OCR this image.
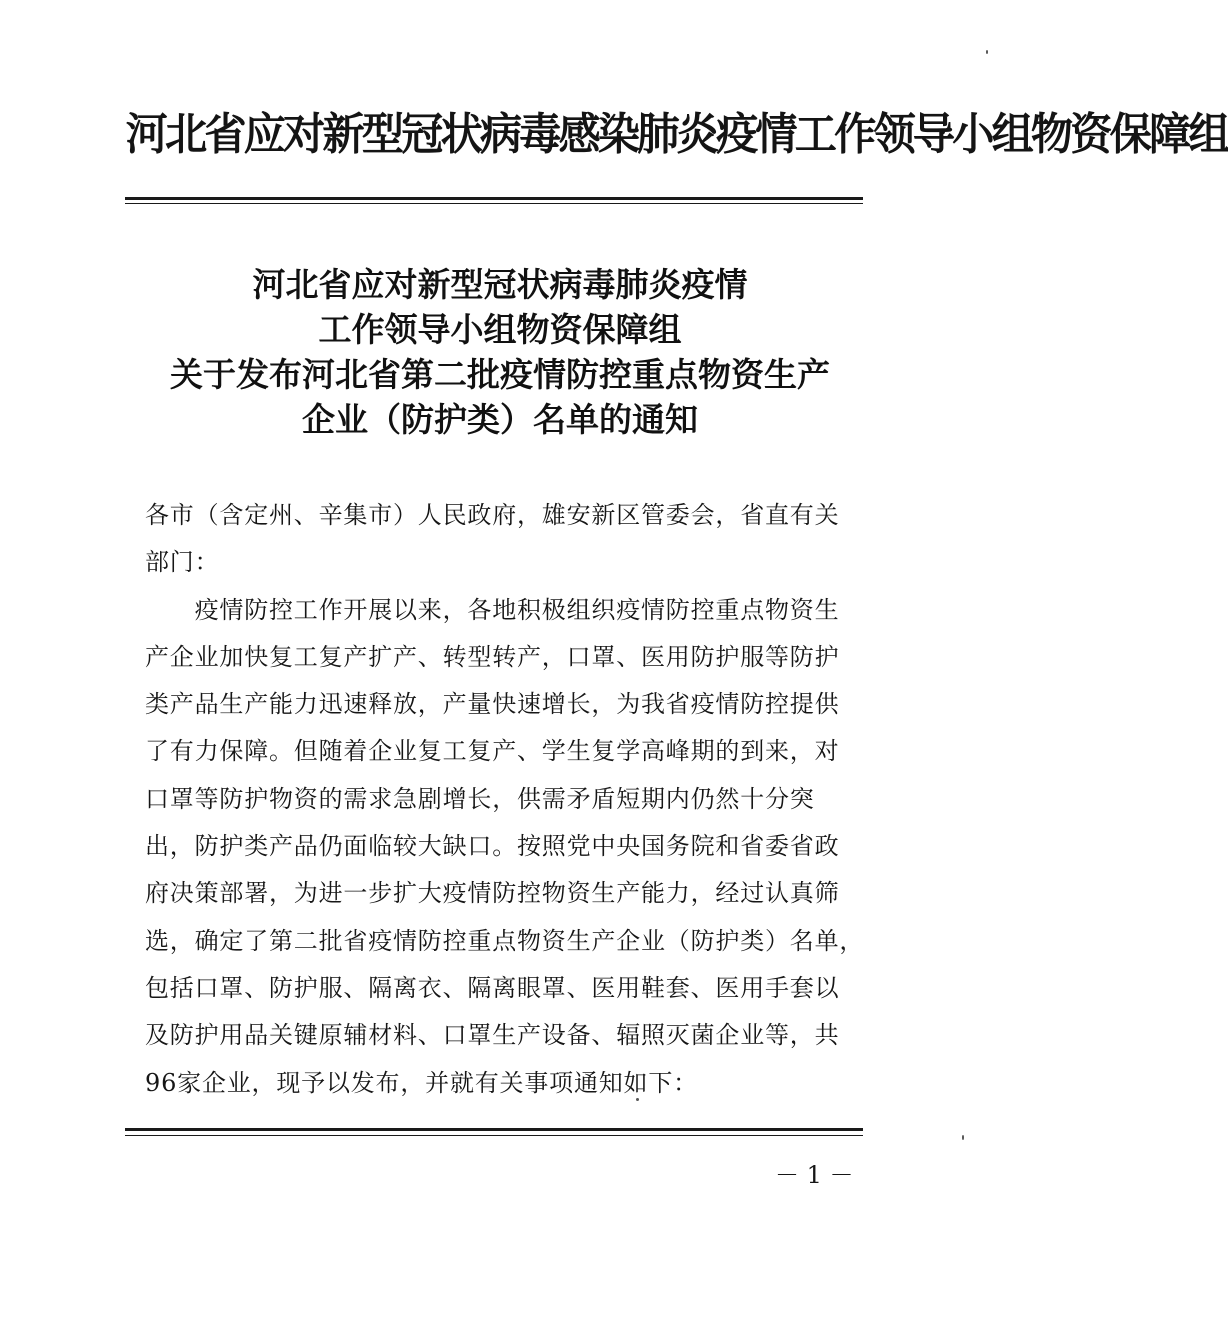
河北省应对新型冠状病毒感染肺炎疫情工作领导小组物资保障组
河北省应对新型冠状病毒肺炎疫情
工作领导小组物资保障组
关于发布河北省第二批疫情防控重点物资生产
企业（防护类）名单的通知
各市（含定州、辛集市）人民政府，雄安新区管委会，省直有关
部门：
　　疫情防控工作开展以来，各地积极组织疫情防控重点物资生
产企业加快复工复产扩产、转型转产，口罩、医用防护服等防护
类产品生产能力迅速释放，产量快速增长，为我省疫情防控提供
了有力保障。但随着企业复工复产、学生复学高峰期的到来，对
口罩等防护物资的需求急剧增长，供需矛盾短期内仍然十分突
出，防护类产品仍面临较大缺口。按照党中央国务院和省委省政
府决策部署，为进一步扩大疫情防控物资生产能力，经过认真筛
选，确定了第二批省疫情防控重点物资生产企业（防护类）名单，
包括口罩、防护服、隔离衣、隔离眼罩、医用鞋套、医用手套以
及防护用品关键原辅材料、口罩生产设备、辐照灭菌企业等，共
96家企业，现予以发布，并就有关事项通知如下：
－ 1 －
